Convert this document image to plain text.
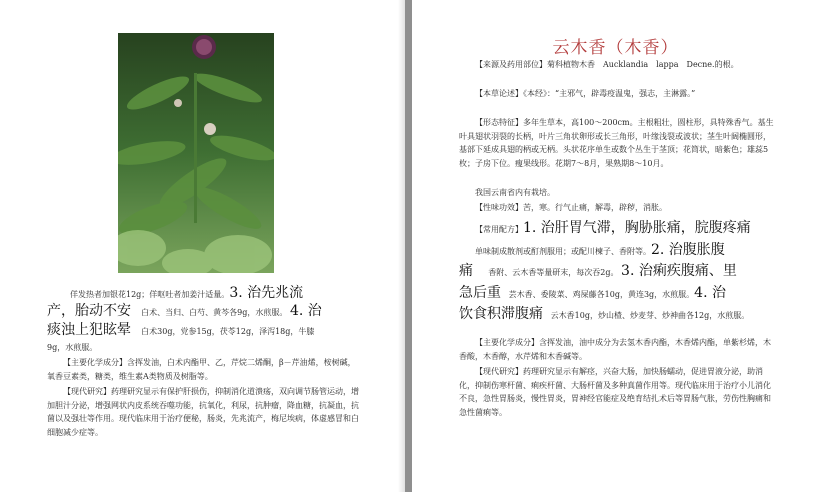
佯发热者加银花12g；佯呕吐者加姜汁适量。3. 治先兆流

产，胎动不安 白术、当归、白芍、黄芩各9g，水煎服。 4. 治

痰浊上犯眩晕 白术30g，党参15g，茯苓12g，泽泻18g，牛膝

9g，水煎服。

【主要化学成分】含挥发油，白术内酯甲、乙，芹烷二烯酮，β－芹油烯，桉树碱，氧香豆素类，糖类，维生素A类物质及树脂等。

【现代研究】药理研究显示有保护肝损伤，抑制消化道溃疡，双向调节肠管运动，增加胆汁分泌，增强网状内皮系统吞噬功能，抗氧化，利尿，抗肿瘤，降血糖，抗凝血，抗菌以及强壮等作用。现代临床用于治疗便秘，肠炎，先兆流产，梅尼埃病，体虚感冒和白细胞减少症等。

云木香（木香）

【来源及药用部位】菊科植物木香　Aucklandia　lappa　Decne.的根。

【本草论述】《本经》：“主邪气，辟毒疫温鬼，强志，主淋露。”

【形态特征】多年生草本，高100～200cm。主根粗壮，圆柱形，具特殊香气。基生叶具翅状羽裂的长柄，叶片三角状卵形或长三角形，叶缘浅裂或波状；茎生叶阔椭圆形，基部下延成具翅的柄或无柄。头状花序单生或数个丛生于茎顶；花筒状，暗紫色；雄蕊5枚；子房下位。瘦果线形。花期7～8月，果熟期8～10月。

我国云南省内有栽培。

【性味功效】苦，寒。行气止痛，解毒，辟秽，消胀。

【常用配方】1. 治肝胃气滞，胸胁胀痛，脘腹疼痛

单味制成散剂或酊剂服用；或配川楝子、香附等。2. 治腹胀腹

痛 香附、云木香等量研末，每次吞2g。 3. 治痢疾腹痛、里

急后重 芸木香、委陵菜、鸡屎藤各10g，黄连3g，水煎服。4. 治

饮食积滞腹痛 云木香10g，炒山楂、炒麦芽、炒神曲各12g，水煎服。

【主要化学成分】含挥发油，油中成分为去氢木香内酯，木香烯内酯，单紫杉烯，木香酸，木香醇，水芹烯和木香碱等。

【现代研究】药理研究显示有解痉，兴奋大肠，加快肠蠕动，促进胃液分泌，助消化，抑制伤寒杆菌、痢疾杆菌、大肠杆菌及多种真菌作用等。现代临床用于治疗小儿消化不良，急性胃肠炎，慢性胃炎，胃神经官能症及绝育结扎术后等胃肠气胀，劳伤性胸痛和急性菌痢等。
